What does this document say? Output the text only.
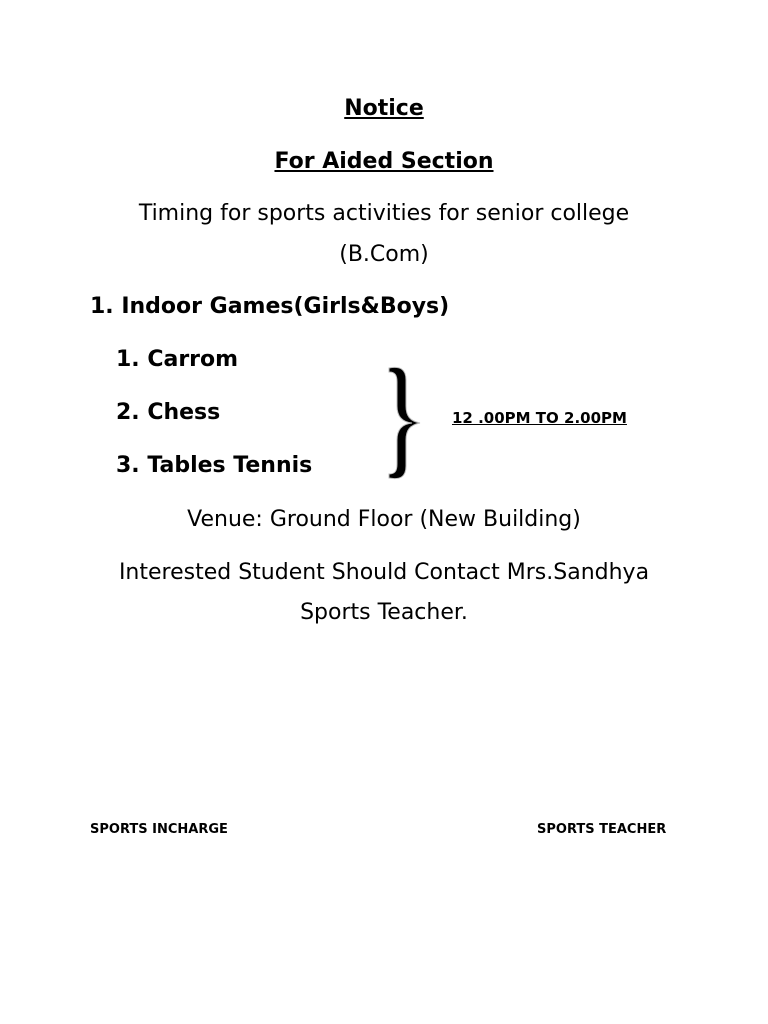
Notice
For Aided Section
Timing for sports activities for senior college
(B.Com)
1. Indoor Games(Girls&Boys)
1. Carrom
2. Chess
3. Tables Tennis
12 .00PM TO 2.00PM
Venue: Ground Floor (New Building)
Interested Student Should Contact Mrs.Sandhya
Sports Teacher.
SPORTS INCHARGE	SPORTS TEACHER
